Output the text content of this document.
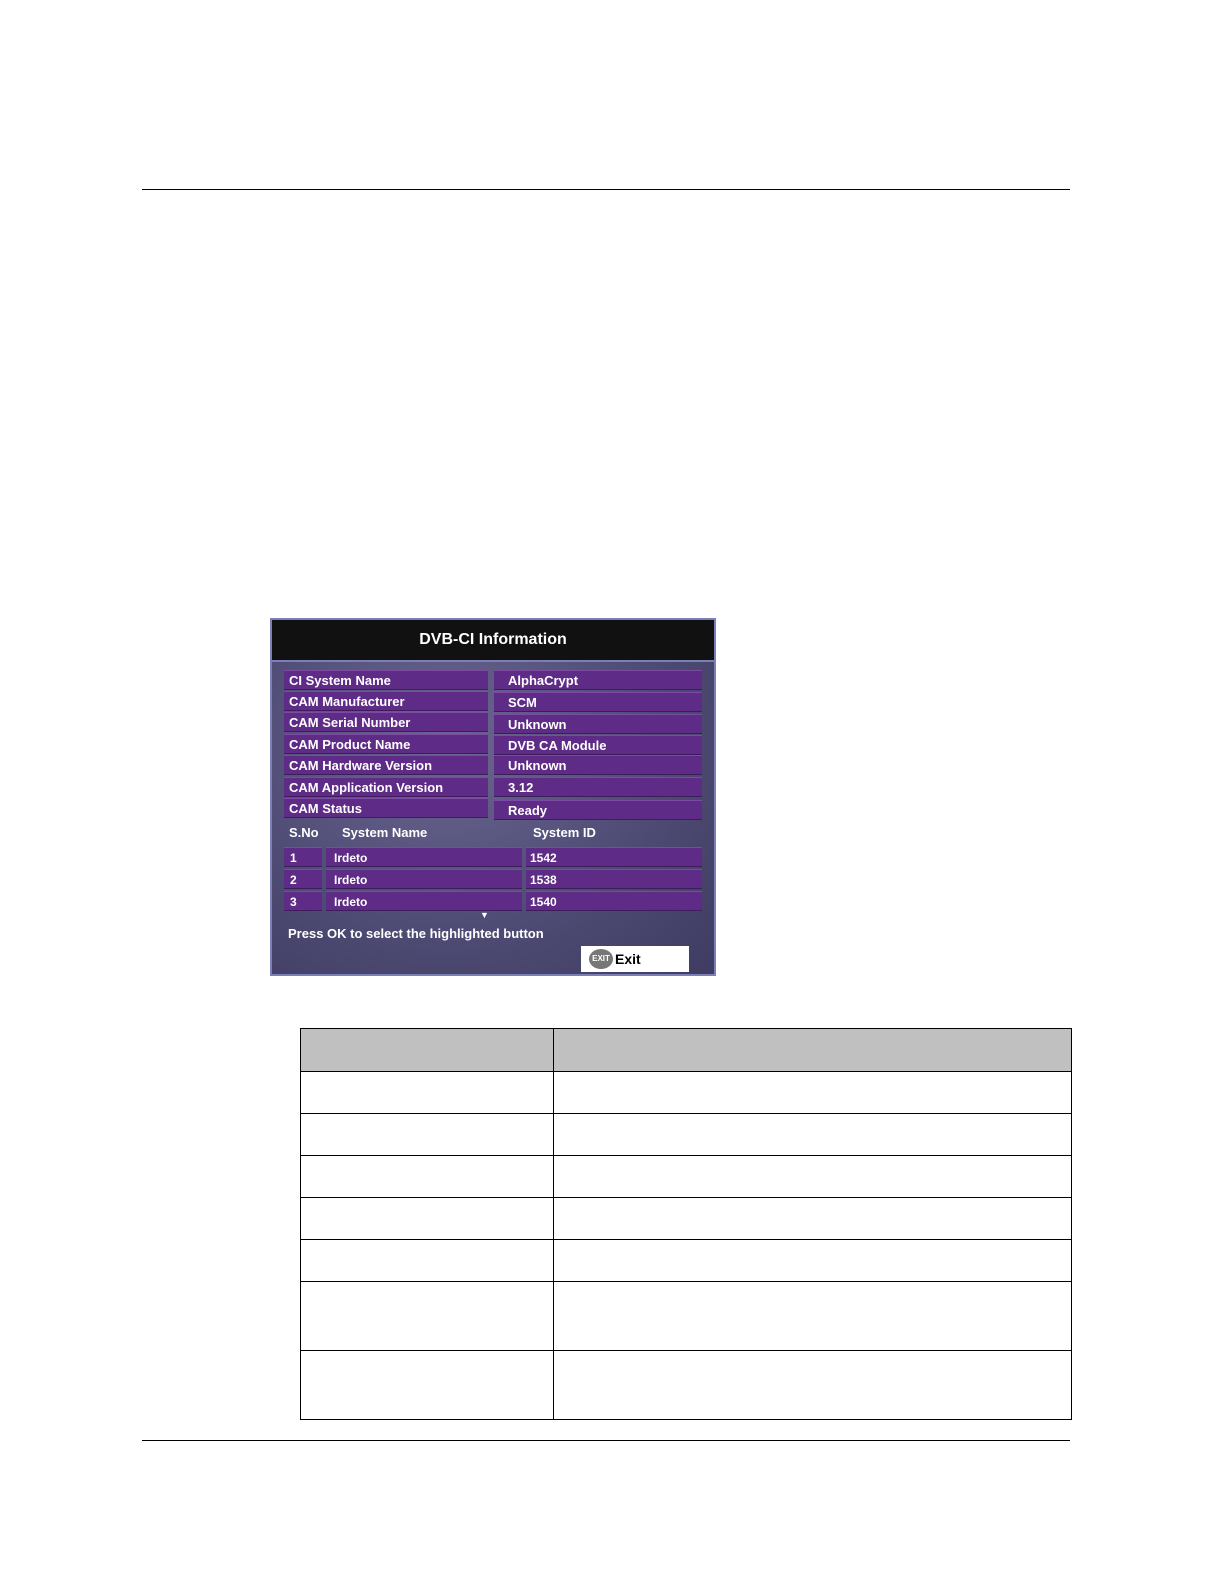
DVB-CI Information
CI System Name	AlphaCrypt
CAM Manufacturer	SCM
CAM Serial Number	Unknown
CAM Product Name	DVB CA Module
CAM Hardware Version	Unknown
CAM Application Version	3.12
CAM Status	Ready
S.No System Name	System ID
1	Irdeto	1542
2	Irdeto	1538
3	Irdeto	1540
▼
Press OK to select the highlighted button
EXIT Exit
